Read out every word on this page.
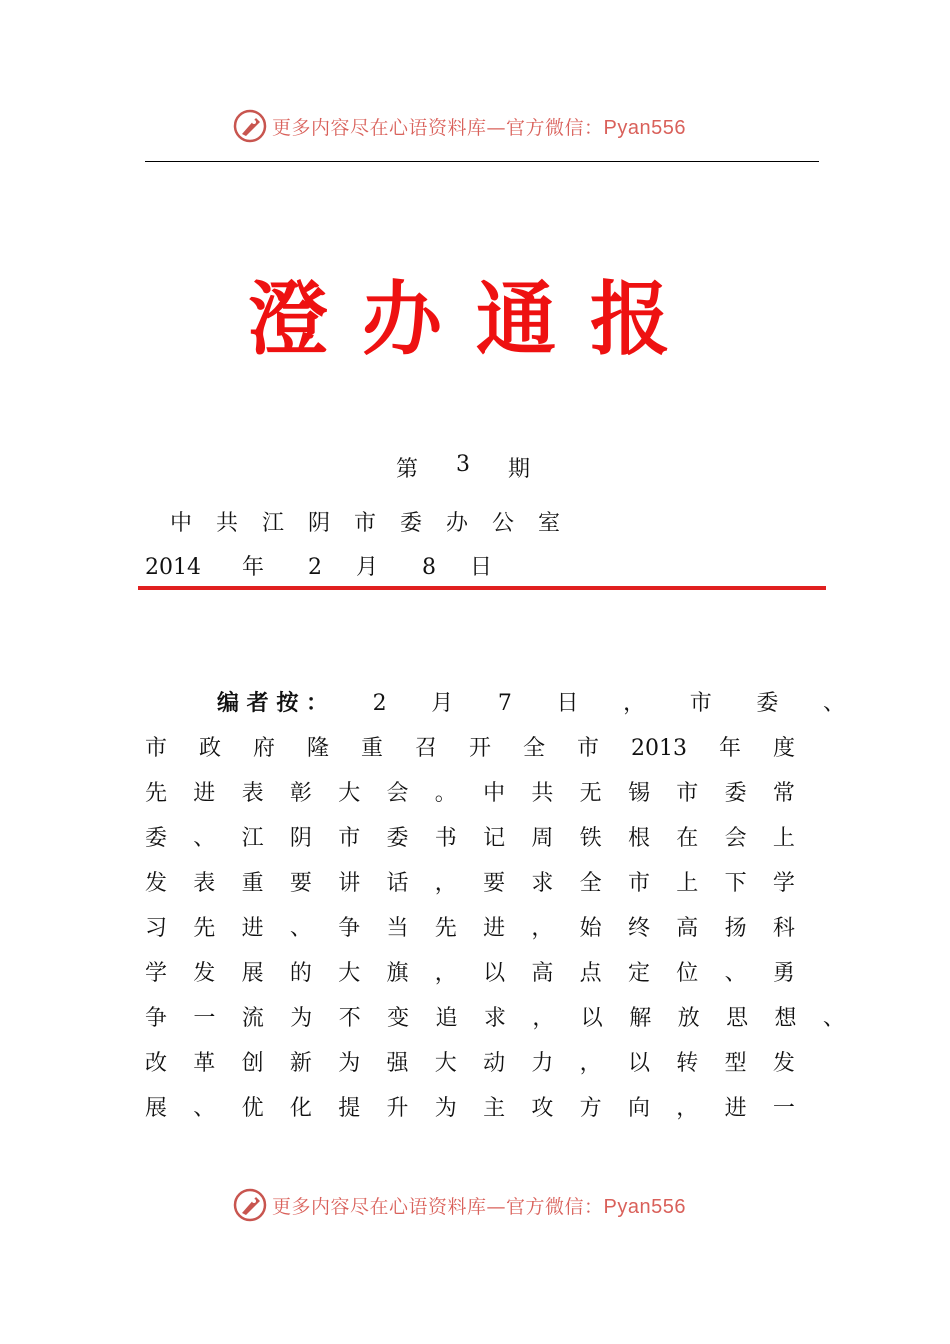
更多内容尽在心语资料库—官方微信：Pyan556
澄办通报
第 3 期
中共江阴市委办公室
2014 年 2 月 8 日
编 者 按 ： 2 月 7 日 ， 市 委 、
市 政 府 隆 重 召 开 全 市 2013 年 度
先 进 表 彰 大 会 。 中 共 无 锡 市 委 常
委 、 江 阴 市 委 书 记 周 铁 根 在 会 上
发 表 重 要 讲 话 ， 要 求 全 市 上 下 学
习 先 进 、 争 当 先 进 ， 始 终 高 扬 科
学 发 展 的 大 旗 ， 以 高 点 定 位 、 勇
争 一 流 为 不 变 追 求 ， 以 解 放 思 想 、
改 革 创 新 为 强 大 动 力 ， 以 转 型 发
展 、 优 化 提 升 为 主 攻 方 向 ， 进 一
更多内容尽在心语资料库—官方微信：Pyan556
